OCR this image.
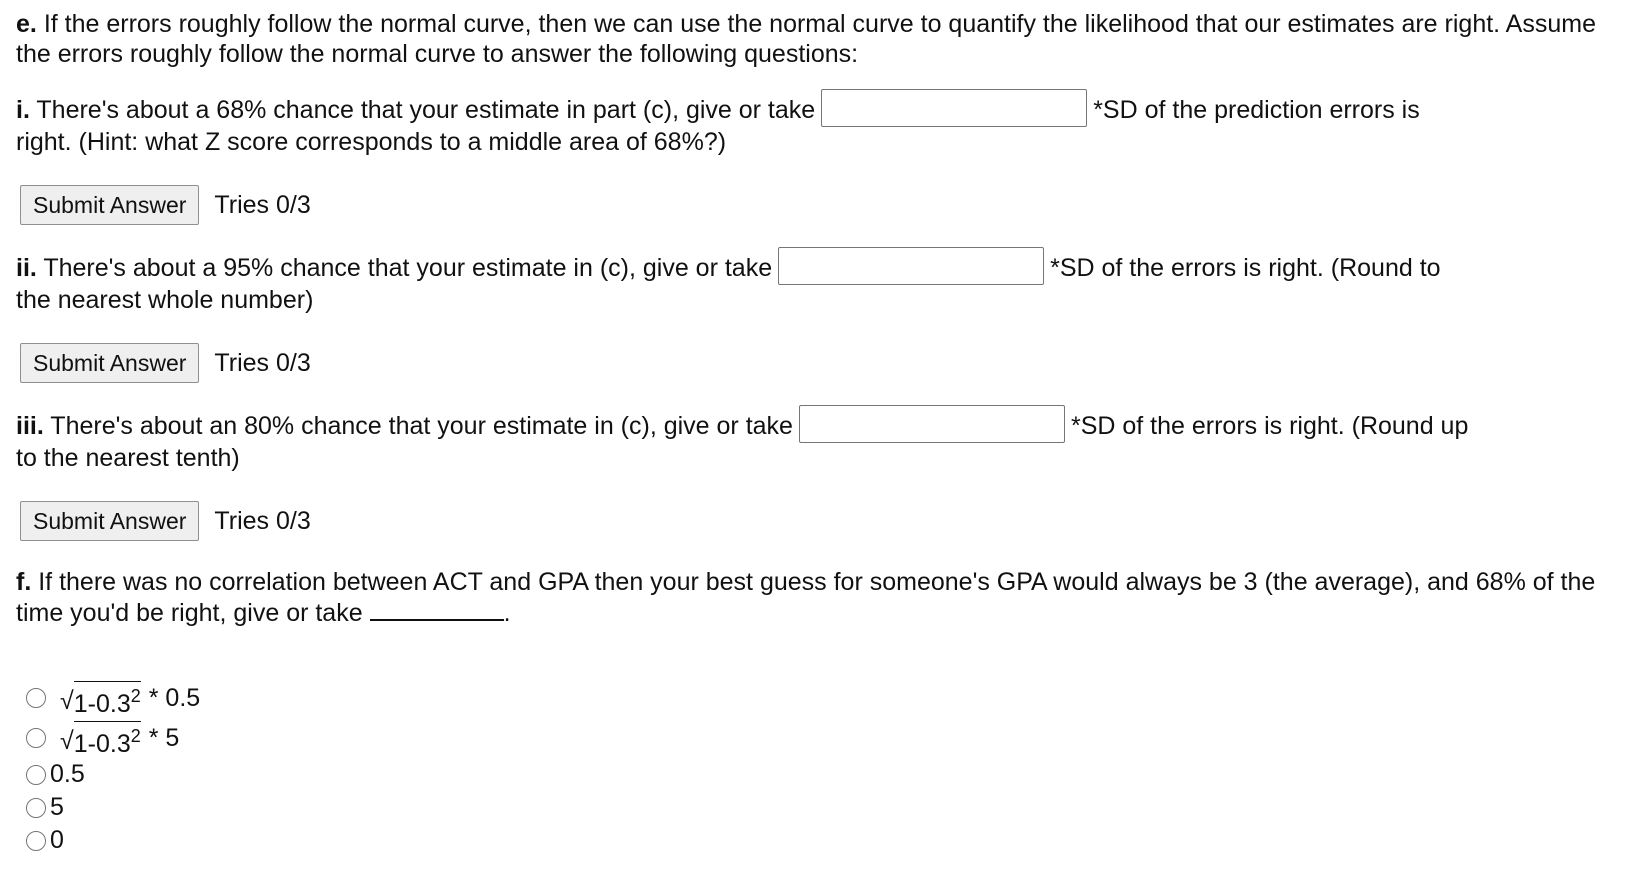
e. If the errors roughly follow the normal curve, then we can use the normal curve to quantify the likelihood that our estimates are right. Assume the errors roughly follow the normal curve to answer the following questions:
i. There's about a 68% chance that your estimate in part (c), give or take	*SD of the prediction errors is
right. (Hint: what Z score corresponds to a middle area of 68%?)
Submit Answer	Tries 0/3
ii. There's about a 95% chance that your estimate in (c), give or take	*SD of the errors is right. (Round to
the nearest whole number)
Submit Answer	Tries 0/3
iii. There's about an 80% chance that your estimate in (c), give or take	*SD of the errors is right. (Round up
to the nearest tenth)
Submit Answer	Tries 0/3
f. If there was no correlation between ACT and GPA then your best guess for someone's GPA would always be 3 (the average), and 68% of the time you'd be right, give or take	.
√ $1-0.3^2 * 0.5$
√ $1-0.3^2 * 5$
0.5
5
0
